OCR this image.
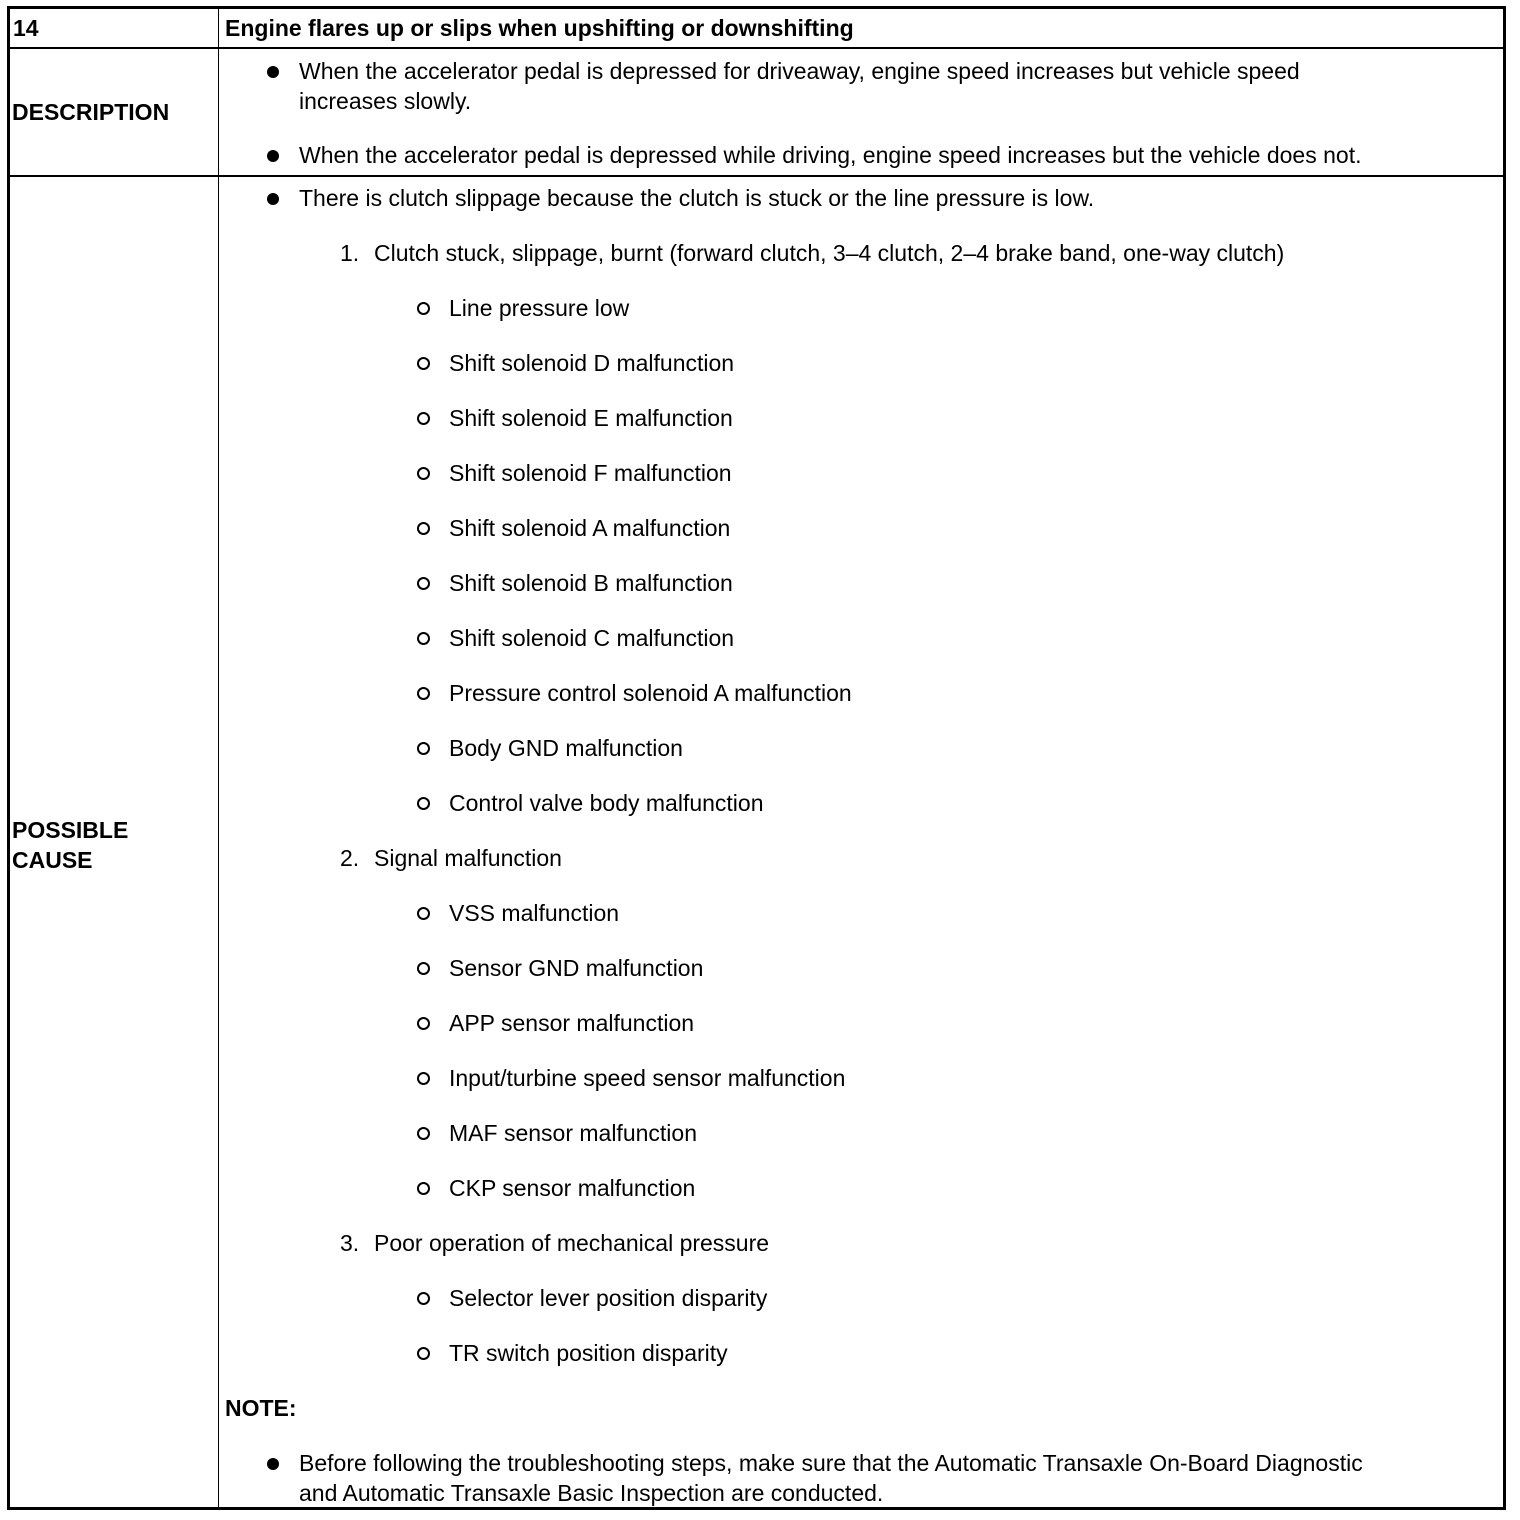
14	Engine flares up or slips when upshifting or downshifting
DESCRIPTION
When the accelerator pedal is depressed for driveaway, engine speed increases but vehicle speed
increases slowly.
When the accelerator pedal is depressed while driving, engine speed increases but the vehicle does not.
POSSIBLE
CAUSE
There is clutch slippage because the clutch is stuck or the line pressure is low.
1. Clutch stuck, slippage, burnt (forward clutch, 3–4 clutch, 2–4 brake band, one-way clutch)
Line pressure low
Shift solenoid D malfunction
Shift solenoid E malfunction
Shift solenoid F malfunction
Shift solenoid A malfunction
Shift solenoid B malfunction
Shift solenoid C malfunction
Pressure control solenoid A malfunction
Body GND malfunction
Control valve body malfunction
2. Signal malfunction
VSS malfunction
Sensor GND malfunction
APP sensor malfunction
Input/turbine speed sensor malfunction
MAF sensor malfunction
CKP sensor malfunction
3. Poor operation of mechanical pressure
Selector lever position disparity
TR switch position disparity
NOTE:
Before following the troubleshooting steps, make sure that the Automatic Transaxle On-Board Diagnostic
and Automatic Transaxle Basic Inspection are conducted.
